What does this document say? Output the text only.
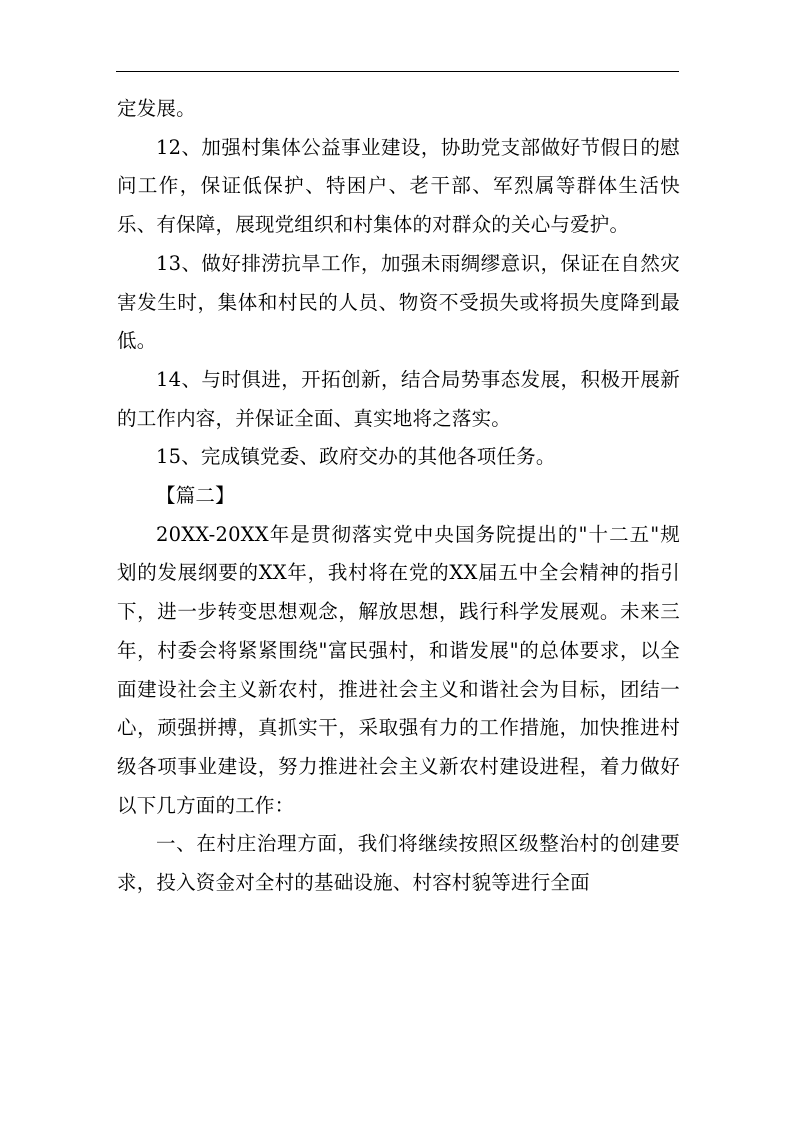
定发展。

12、加强村集体公益事业建设，协助党支部做好节假日的慰问工作，保证低保护、特困户、老干部、军烈属等群体生活快乐、有保障，展现党组织和村集体的对群众的关心与爱护。

13、做好排涝抗旱工作，加强未雨绸缪意识，保证在自然灾害发生时，集体和村民的人员、物资不受损失或将损失度降到最低。

14、与时俱进，开拓创新，结合局势事态发展，积极开展新的工作内容，并保证全面、真实地将之落实。

15、完成镇党委、政府交办的其他各项任务。

【篇二】

20XX-20XX年是贯彻落实党中央国务院提出的"十二五"规划的发展纲要的XX年，我村将在党的XX届五中全会精神的指引下，进一步转变思想观念，解放思想，践行科学发展观。未来三年，村委会将紧紧围绕"富民强村，和谐发展"的总体要求，以全面建设社会主义新农村，推进社会主义和谐社会为目标，团结一心，顽强拼搏，真抓实干，采取强有力的工作措施，加快推进村级各项事业建设，努力推进社会主义新农村建设进程，着力做好以下几方面的工作：

一、在村庄治理方面，我们将继续按照区级整治村的创建要求，投入资金对全村的基础设施、村容村貌等进行全面
